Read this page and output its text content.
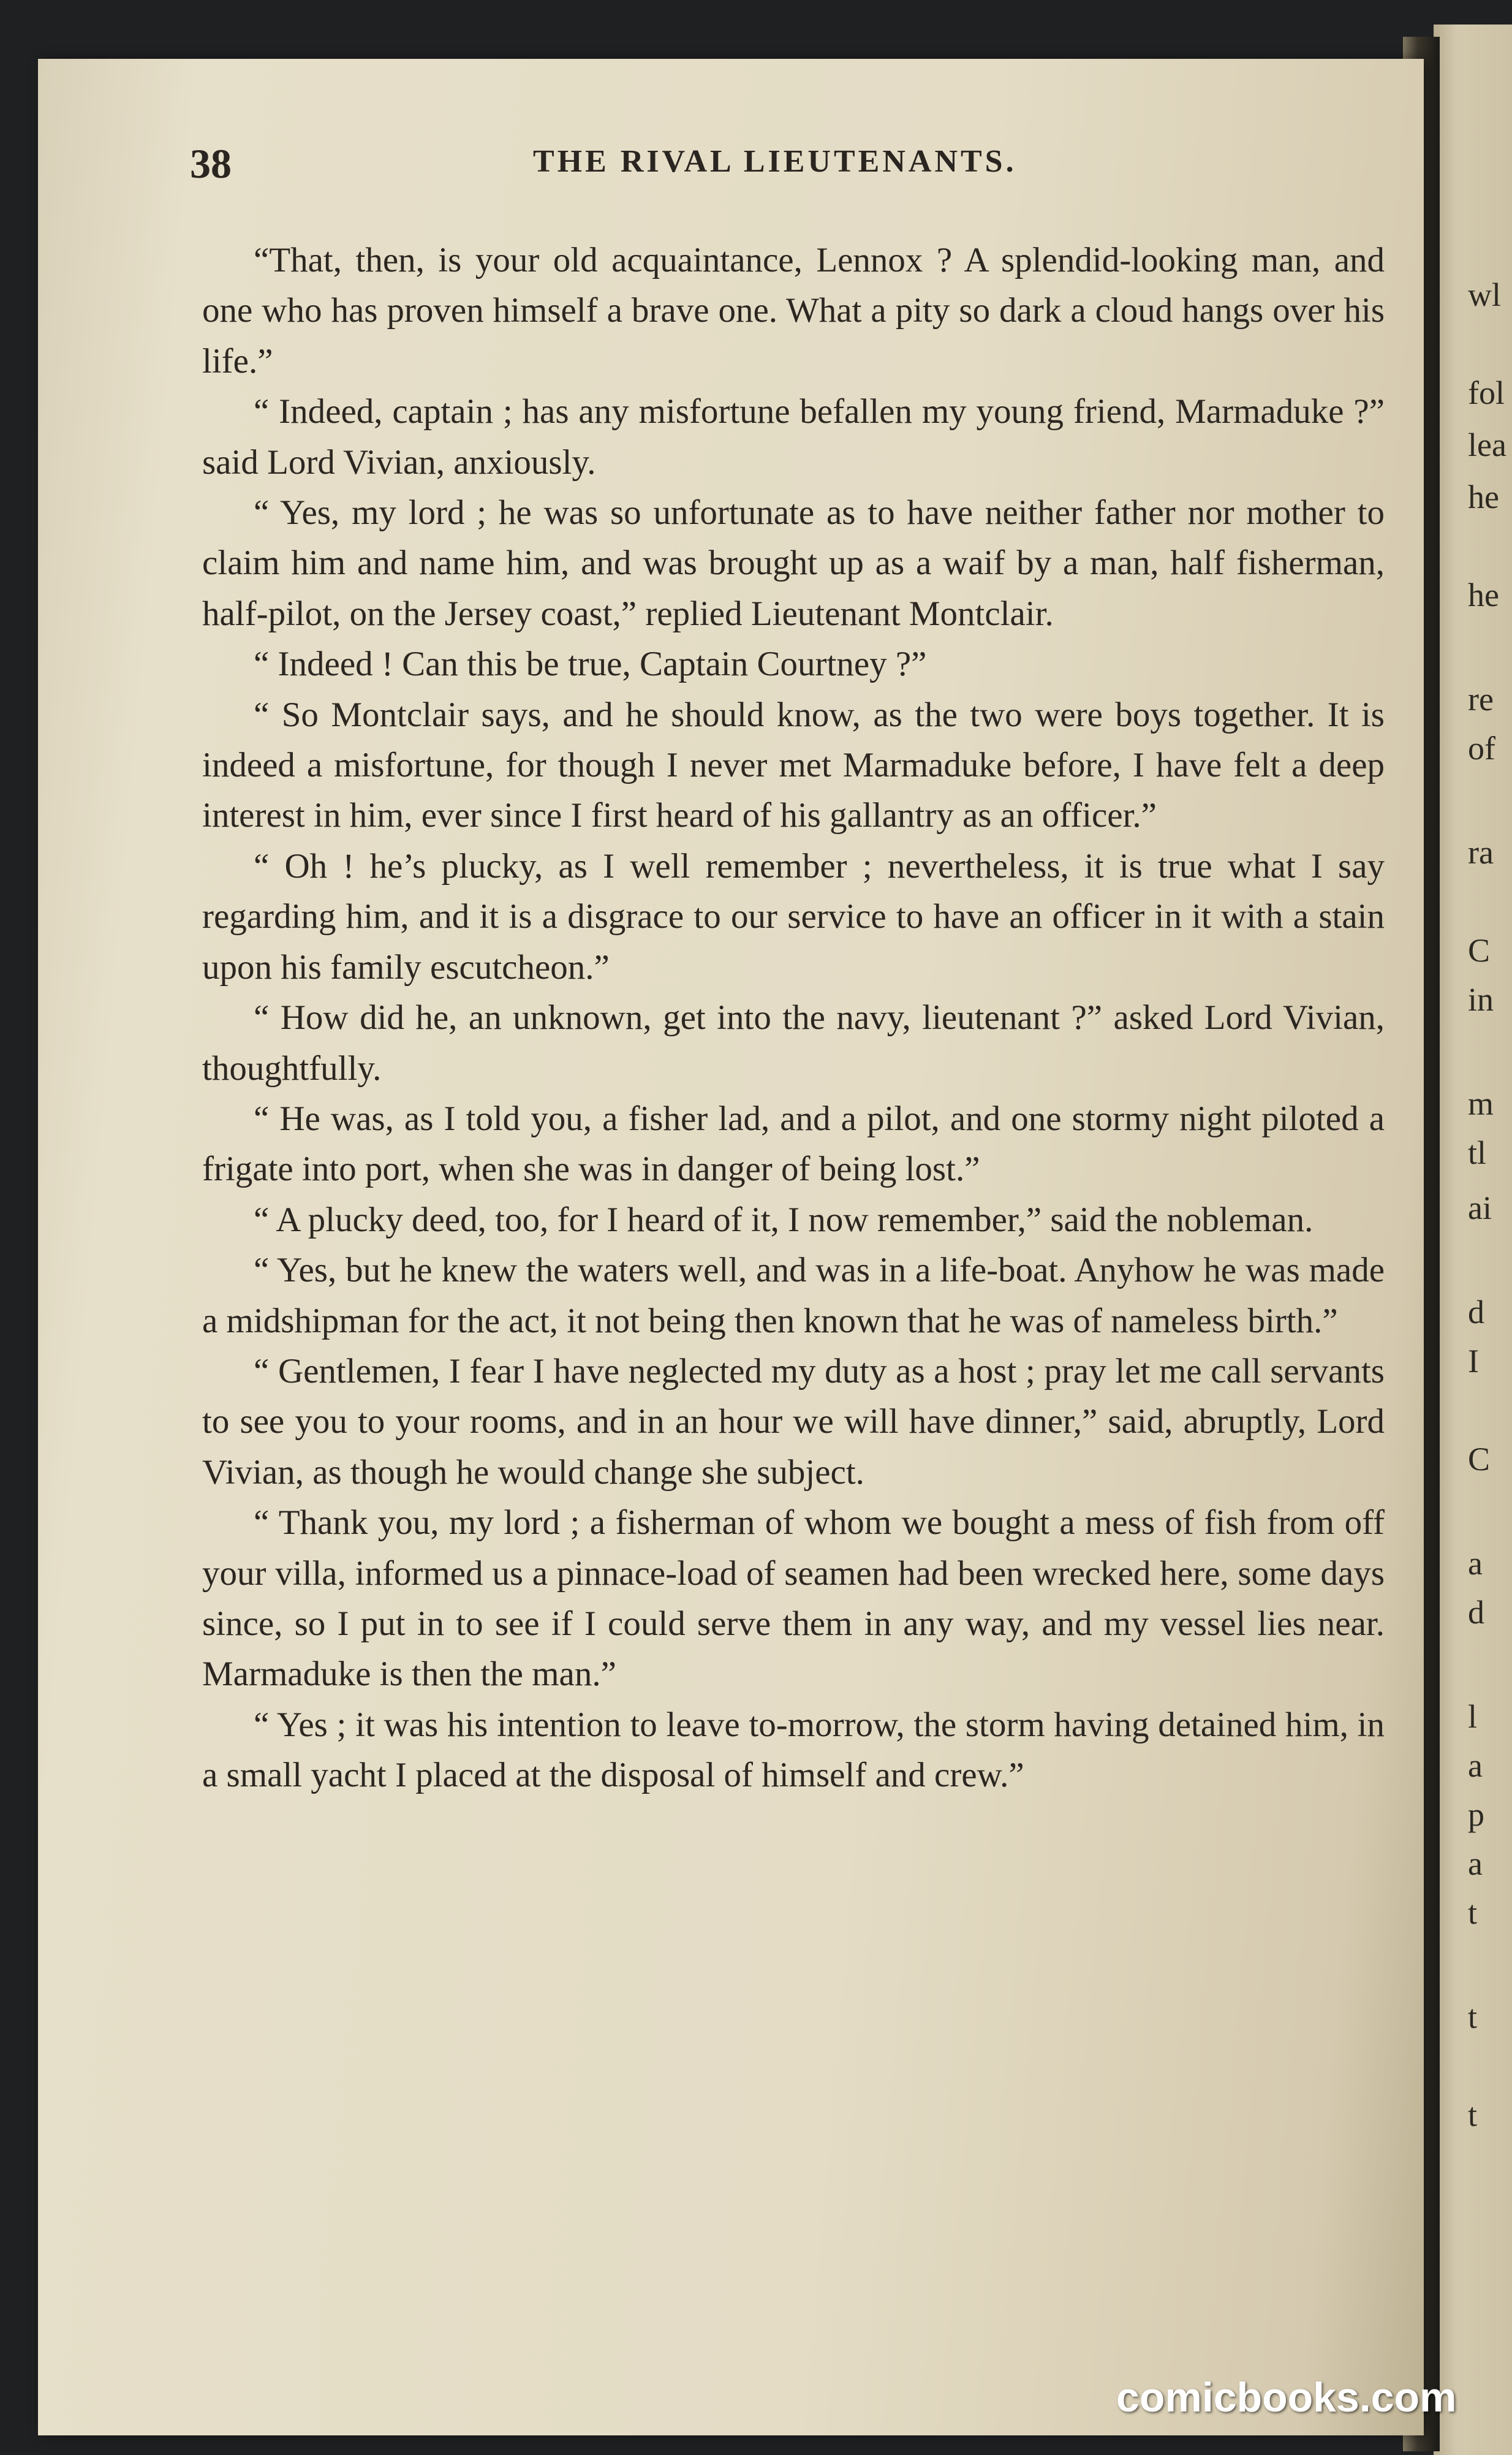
38	THE RIVAL LIEUTENANTS.

“That, then, is your old acquaintance, Lennox ? A splendid-looking man, and one who has proven himself a brave one. What a pity so dark a cloud hangs over his life.”

“ Indeed, captain ; has any misfortune befallen my young friend, Marmaduke ?” said Lord Vivian, anxiously.

“ Yes, my lord ; he was so unfortunate as to have neither father nor mother to claim him and name him, and was brought up as a waif by a man, half fisherman, half-pilot, on the Jersey coast,” replied Lieutenant Montclair.

“ Indeed ! Can this be true, Captain Courtney ?”

“ So Montclair says, and he should know, as the two were boys together. It is indeed a misfortune, for though I never met Marmaduke before, I have felt a deep interest in him, ever since I first heard of his gallantry as an officer.”

“ Oh ! he’s plucky, as I well remember ; nevertheless, it is true what I say regarding him, and it is a disgrace to our service to have an officer in it with a stain upon his family escutcheon.”

“ How did he, an unknown, get into the navy, lieutenant ?” asked Lord Vivian, thoughtfully.

“ He was, as I told you, a fisher lad, and a pilot, and one stormy night piloted a frigate into port, when she was in danger of being lost.”

“ A plucky deed, too, for I heard of it, I now remember,” said the nobleman.

“ Yes, but he knew the waters well, and was in a life-boat. Anyhow he was made a midshipman for the act, it not being then known that he was of nameless birth.”

“ Gentlemen, I fear I have neglected my duty as a host ; pray let me call servants to see you to your rooms, and in an hour we will have dinner,” said, abruptly, Lord Vivian, as though he would change she subject.

“ Thank you, my lord ; a fisherman of whom we bought a mess of fish from off your villa, informed us a pinnace-load of seamen had been wrecked here, some days since, so I put in to see if I could serve them in any way, and my vessel lies near. Marmaduke is then the man.”

“ Yes ; it was his intention to leave to-morrow, the storm having detained him, in a small yacht I placed at the disposal of himself and crew.”

wl
fol
lea
he
he
re
of
ra
C
in
m
tl
ai
d
I
C
a
d
l
a
p
a
t
t
t
comicbooks.com
